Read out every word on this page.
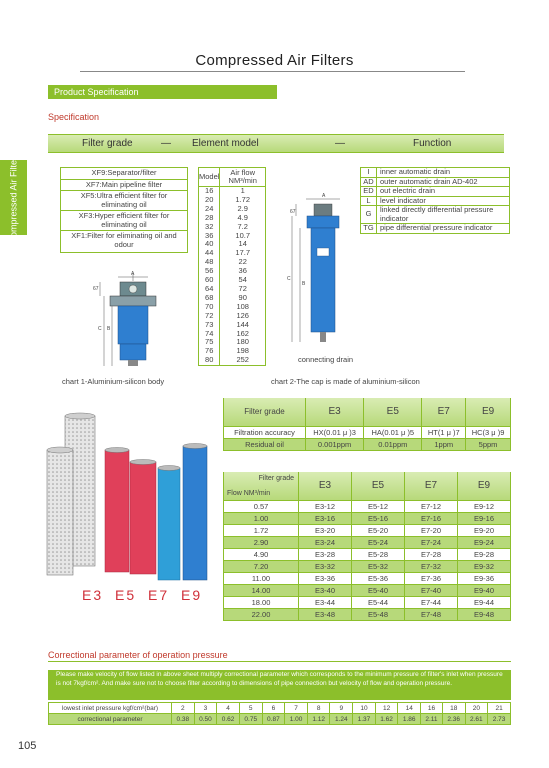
Compressed Air Filters
Product Specification
Specification
Compressed Air Filters
Filter grade	— Element model	—	Function
XF9:Separator/filter
XF7:Main pipeline filter
XF5:Ultra efficient filter for eliminating oil
XF3:Hyper efficient filter for eliminating oil
XF1:Filter for eliminating oil and odour
Model	Air flow NM³/min
16	1
20	1.72
24	2.9
28	4.9
32	7.2
36	10.7
40	14
44	17.7
48	22
56	36
60	54
64	72
68	90
70	108
72	126
73	144
74	162
75	180
76	198
80	252
I	inner automatic drain
AD outer automatic drain AD-402
ED out electric drain
L	level indicator
G	linked directly differential pressure indicator
TG pipe differential pressure indicator
A
67
C B
A
67
C
B
connecting drain
chart 1-Aluminium-silicon body	chart 2-The cap is made of aluminium-silicon
E3 E5 E7 E9
Filter grade	E3	E5	E7	E9
Filtration accuracy	HX(0.01 μ )3	HA(0.01 μ )5	HT(1 μ )7	HC(3 μ )9
Residual oil	0.001ppm	0.01ppm	1ppm	5ppm
Filter grade
Flow NM³/min	E3	E5	E7	E9
0.57	E3-12	E5-12	E7-12	E9-12
1.00	E3-16	E5-16	E7-16	E9-16
1.72	E3-20	E5-20	E7-20	E9-20
2.90	E3-24	E5-24	E7-24	E9-24
4.90	E3-28	E5-28	E7-28	E9-28
7.20	E3-32	E5-32	E7-32	E9-32
11.00	E3-36	E5-36	E7-36	E9-36
14.00	E3-40	E5-40	E7-40	E9-40
18.00	E3-44	E5-44	E7-44	E9-44
22.00	E3-48	E5-48	E7-48	E9-48
Correctional parameter of operation pressure
Please make velocity of flow listed in above sheet multiply correctional parameter which corresponds to the minimum pressure of filter's inlet when pressure is not 7kgf/cm². And make sure not to choose filter according to dimensions of pipe connection but velocity of flow and operation pressure.
lowest inlet pressure kgf/cm²(bar)	2	3	4	5	6	7	8	9	10	12	14	16	18	20	21
correctional parameter	0.38	0.50	0.62	0.75	0.87	1.00	1.12	1.24	1.37	1.62	1.86	2.11	2.36	2.61	2.73
105
